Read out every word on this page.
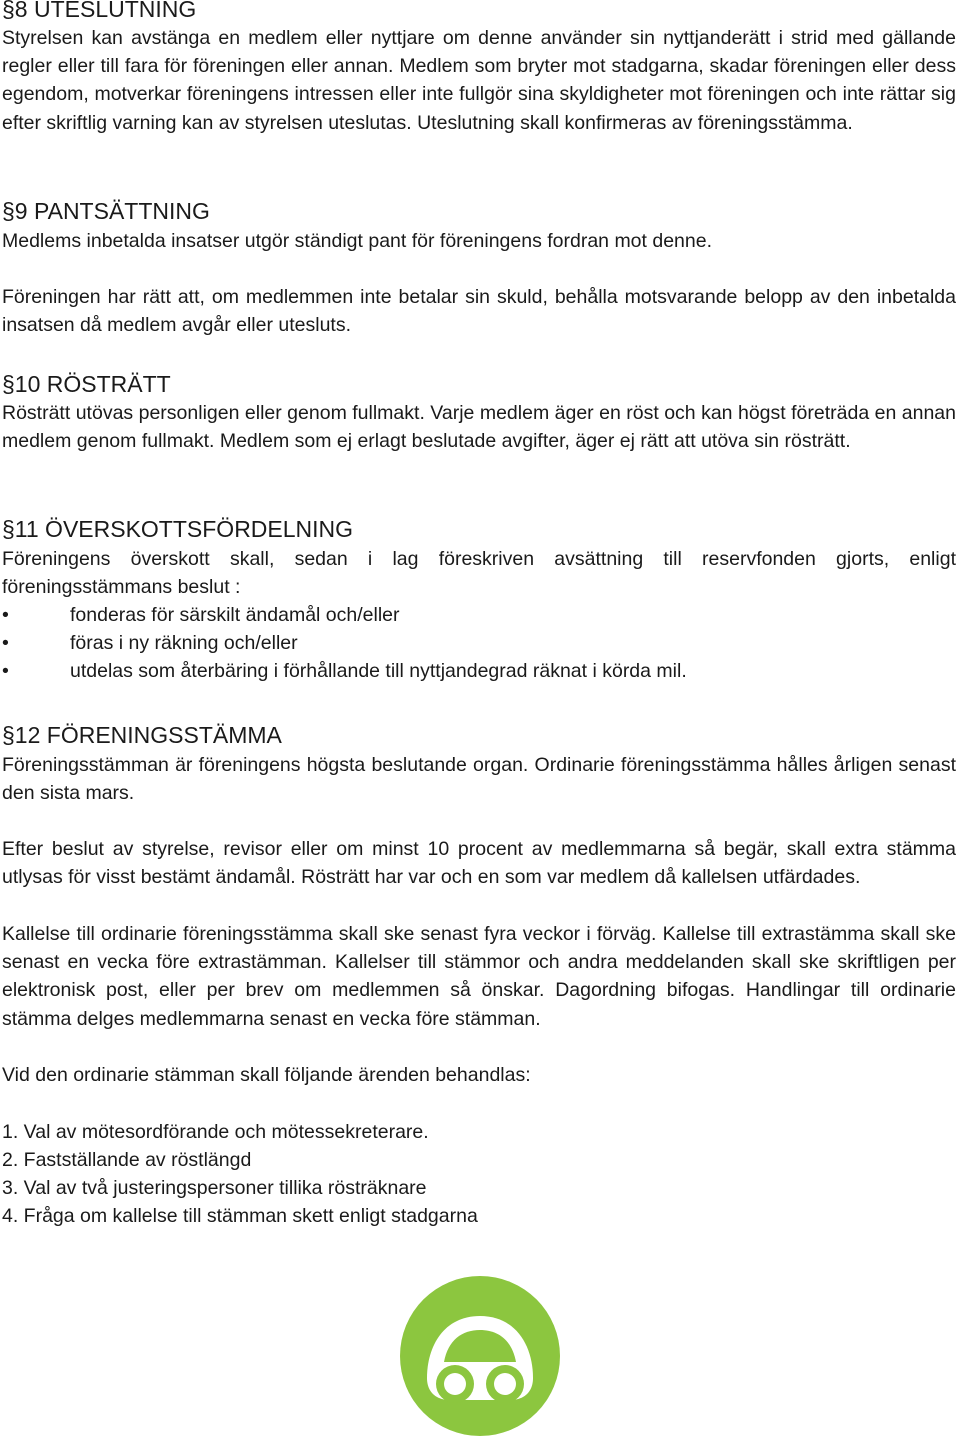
§8 UTESLUTNING

Styrelsen kan avstänga en medlem eller nyttjare om denne använder sin nyttjanderätt i strid med gällande regler eller till fara för föreningen eller annan. Medlem som bryter mot stadgarna, skadar föreningen eller dess egendom, motverkar föreningens intressen eller inte fullgör sina skyldigheter mot föreningen och inte rättar sig efter skriftlig varning kan av styrelsen uteslutas. Uteslutning skall konfirmeras av föreningsstämma.

§9 PANTSÄTTNING

Medlems inbetalda insatser utgör ständigt pant för föreningens fordran mot denne.

Föreningen har rätt att, om medlemmen inte betalar sin skuld, behålla motsvarande belopp av den inbetalda insatsen då medlem avgår eller utesluts.

§10 RÖSTRÄTT

Rösträtt utövas personligen eller genom fullmakt. Varje medlem äger en röst och kan högst företräda en annan medlem genom fullmakt. Medlem som ej erlagt beslutade avgifter, äger ej rätt att utöva sin rösträtt.

§11 ÖVERSKOTTSFÖRDELNING

Föreningens överskott skall, sedan i lag föreskriven avsättning till reservfonden gjorts, enligt föreningsstämmans beslut :

•	fonderas för särskilt ändamål och/eller
•	föras i ny räkning och/eller
•	utdelas som återbäring i förhållande till nyttjandegrad räknat i körda mil.
§12 FÖRENINGSSTÄMMA

Föreningsstämman är föreningens högsta beslutande organ. Ordinarie föreningsstämma hålles årligen senast den sista mars.

Efter beslut av styrelse, revisor eller om minst 10 procent av medlemmarna så begär, skall extra stämma utlysas för visst bestämt ändamål. Rösträtt har var och en som var medlem då kallelsen utfärdades.

Kallelse till ordinarie föreningsstämma skall ske senast fyra veckor i förväg. Kallelse till extrastämma skall ske senast en vecka före extrastämman. Kallelser till stämmor och andra meddelanden skall ske skriftligen per elektronisk post, eller per brev om medlemmen så önskar. Dagordning bifogas. Handlingar till ordinarie stämma delges medlemmarna senast en vecka före stämman.

Vid den ordinarie stämman skall följande ärenden behandlas:

1. Val av mötesordförande och mötessekreterare.
2. Fastställande av röstlängd
3. Val av två justeringspersoner tillika rösträknare
4. Fråga om kallelse till stämman skett enligt stadgarna
